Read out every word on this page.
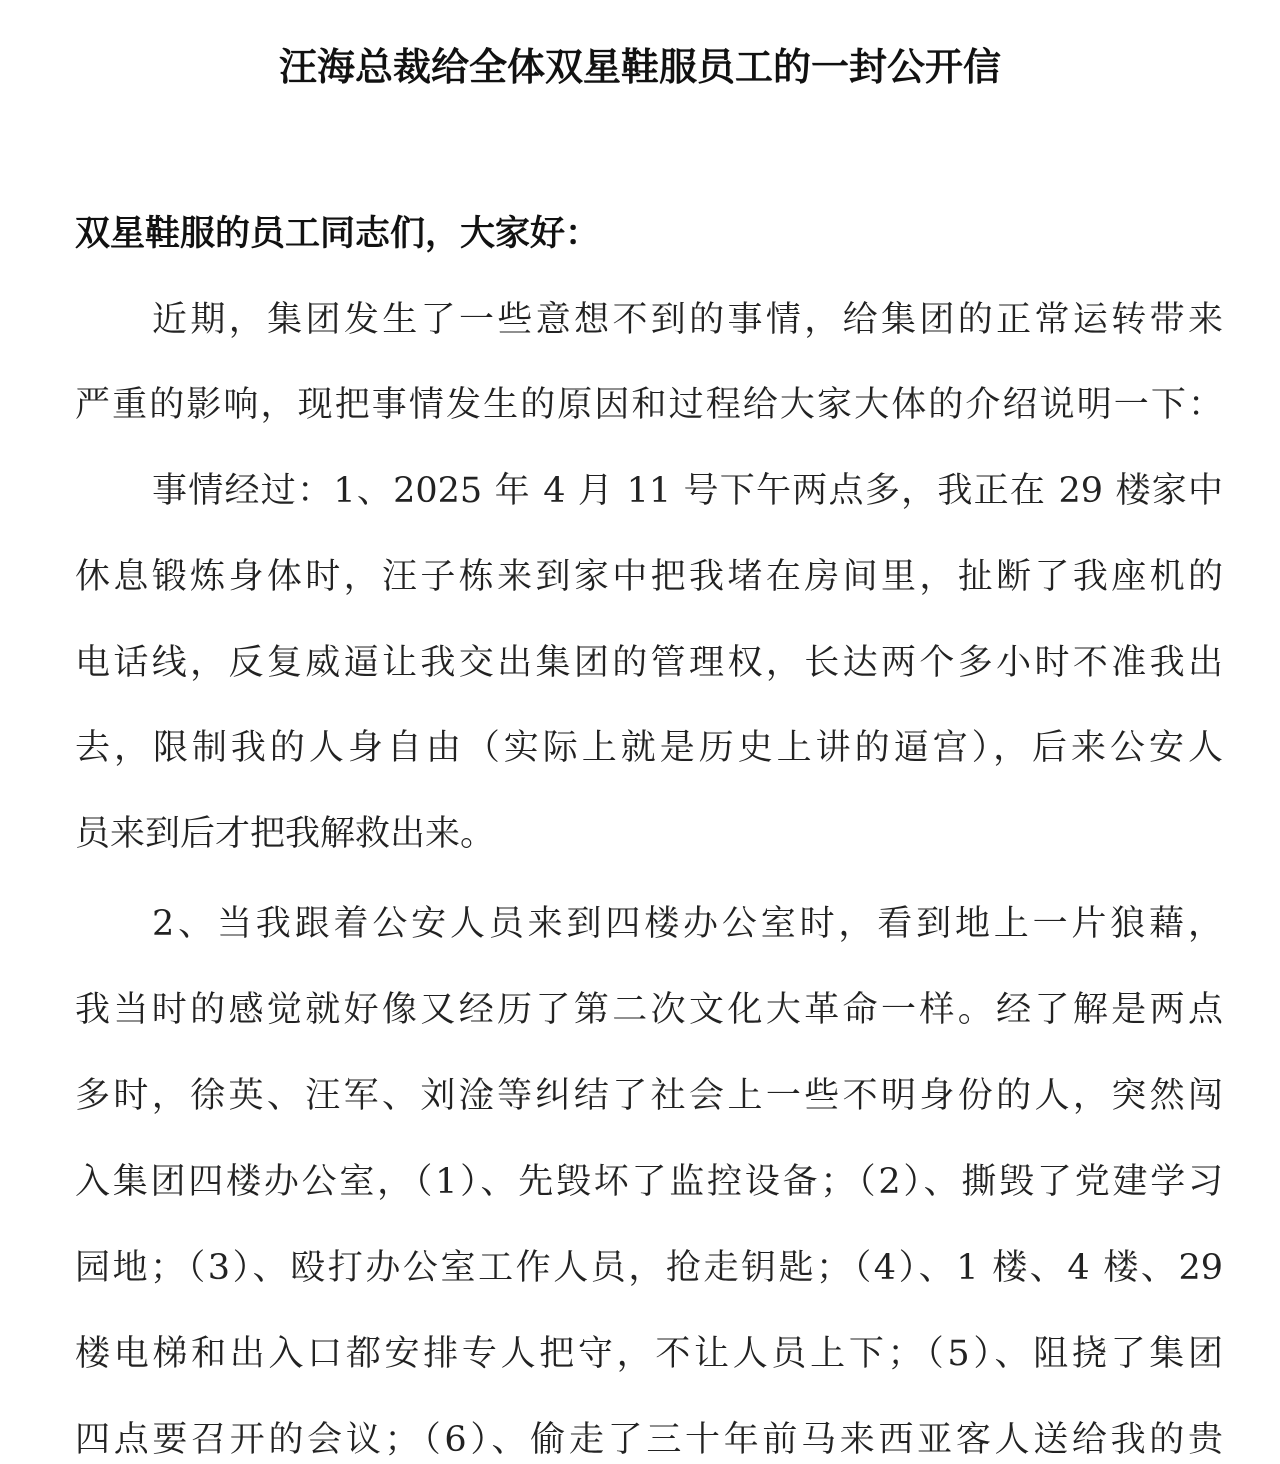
汪海总裁给全体双星鞋服员工的一封公开信
双星鞋服的员工同志们，大家好：
近期，集团发生了一些意想不到的事情，给集团的正常运转带来
严重的影响，现把事情发生的原因和过程给大家大体的介绍说明一下：
事情经过：1、2025 年 4 月 11 号下午两点多，我正在 29 楼家中
休息锻炼身体时，汪子栋来到家中把我堵在房间里，扯断了我座机的
电话线，反复威逼让我交出集团的管理权，长达两个多小时不准我出
去，限制我的人身自由（实际上就是历史上讲的逼宫），后来公安人
员来到后才把我解救出来。
2、当我跟着公安人员来到四楼办公室时，看到地上一片狼藉，
我当时的感觉就好像又经历了第二次文化大革命一样。经了解是两点
多时，徐英、汪军、刘淦等纠结了社会上一些不明身份的人，突然闯
入集团四楼办公室，（1）、先毁坏了监控设备；（2）、撕毁了党建学习
园地；（3）、殴打办公室工作人员，抢走钥匙；（4）、1 楼、4 楼、29
楼电梯和出入口都安排专人把守，不让人员上下；（5）、阻挠了集团
四点要召开的会议；（6）、偷走了三十年前马来西亚客人送给我的贵
